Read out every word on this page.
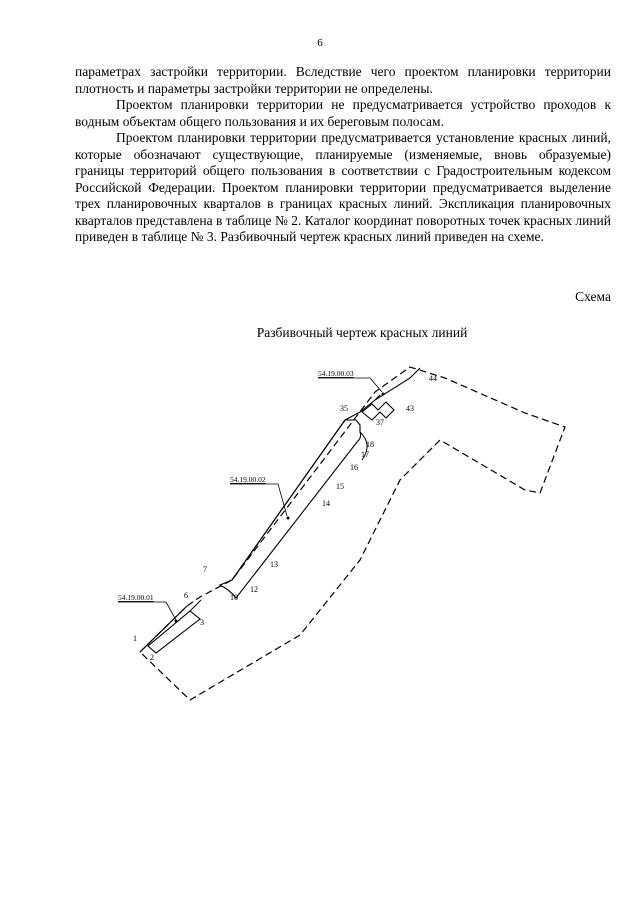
6

параметрах застройки территории. Вследствие чего проектом планировки территории плотность и параметры застройки территории не определены.

Проектом планировки территории не предусматривается устройство проходов к водным объектам общего пользования и их береговым полосам.

Проектом планировки территории предусматривается установление красных линий, которые обозначают существующие, планируемые (изменяемые, вновь образуемые) границы территорий общего пользования в соответствии с Градостроительным кодексом Российской Федерации. Проектом планировки территории предусматривается выделение трех планировочных кварталов в границах красных линий. Экспликация планировочных кварталов представлена в таблице № 2. Каталог координат поворотных точек красных линий приведен в таблице № 3. Разбивочный чертеж красных линий приведен на схеме.

Схема
Разбивочный чертеж красных линий
54.19.00.01
54.19.00.02
54.19.00.03
1
2
3
6
7
10
12
13
14
15
16
17
18
35
37
43
44
